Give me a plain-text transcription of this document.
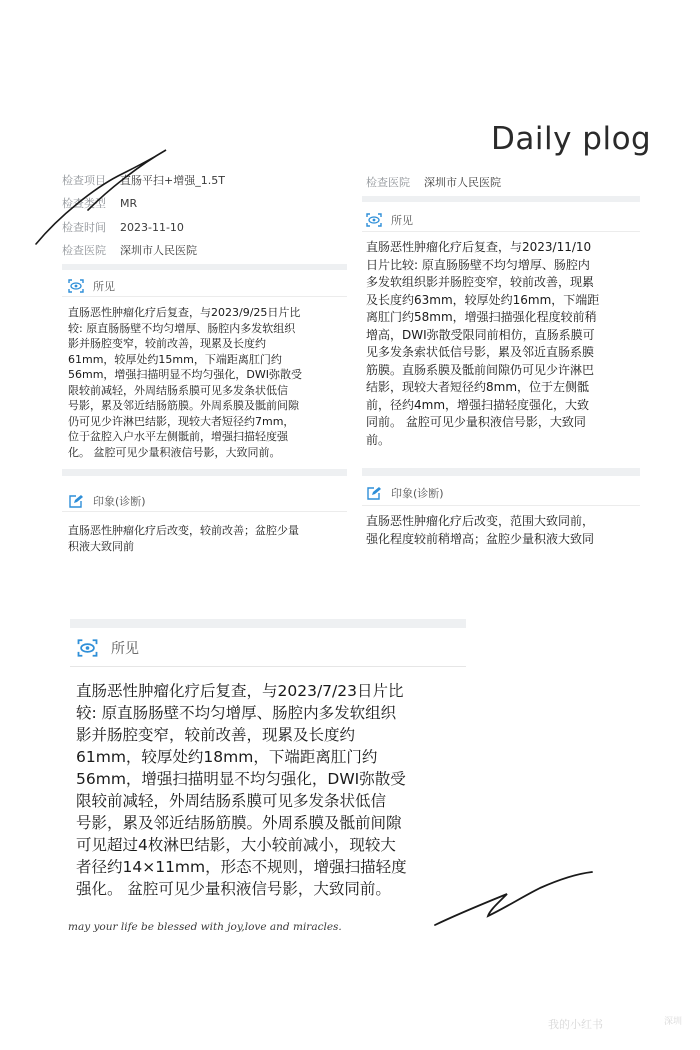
Daily plog
检查项目 直肠平扫+增强_1.5T
检查类型 MR
检查时间 2023-11-10
检查医院 深圳市人民医院
所见
直肠恶性肿瘤化疗后复查，与2023/9/25日片比
较: 原直肠肠壁不均匀增厚、肠腔内多发软组织
影并肠腔变窄，较前改善，现累及长度约
61mm，较厚处约15mm，下端距离肛门约
56mm，增强扫描明显不均匀强化，DWI弥散受
限较前减轻，外周结肠系膜可见多发条状低信
号影，累及邻近结肠筋膜。外周系膜及骶前间隙
仍可见少许淋巴结影，现较大者短径约7mm，
位于盆腔入户水平左侧骶前，增强扫描轻度强
化。 盆腔可见少量积液信号影，大致同前。
印象(诊断)
直肠恶性肿瘤化疗后改变，较前改善；盆腔少量
积液大致同前
检查医院 深圳市人民医院
所见
直肠恶性肿瘤化疗后复查，与2023/11/10
日片比较: 原直肠肠壁不均匀增厚、肠腔内
多发软组织影并肠腔变窄，较前改善，现累
及长度约63mm，较厚处约16mm，下端距
离肛门约58mm，增强扫描强化程度较前稍
增高，DWI弥散受限同前相仿，直肠系膜可
见多发条索状低信号影，累及邻近直肠系膜
筋膜。直肠系膜及骶前间隙仍可见少许淋巴
结影，现较大者短径约8mm，位于左侧骶
前，径约4mm，增强扫描轻度强化，大致
同前。 盆腔可见少量积液信号影，大致同
前。
印象(诊断)
直肠恶性肿瘤化疗后改变，范围大致同前，
强化程度较前稍增高；盆腔少量积液大致同
所见
直肠恶性肿瘤化疗后复查，与2023/7/23日片比
较: 原直肠肠壁不均匀增厚、肠腔内多发软组织
影并肠腔变窄，较前改善，现累及长度约
61mm，较厚处约18mm，下端距离肛门约
56mm，增强扫描明显不均匀强化，DWI弥散受
限较前减轻，外周结肠系膜可见多发条状低信
号影，累及邻近结肠筋膜。外周系膜及骶前间隙
可见超过4枚淋巴结影，大小较前减小，现较大
者径约14×11mm，形态不规则，增强扫描轻度
强化。 盆腔可见少量积液信号影，大致同前。
may your life be blessed with joy,love and miracles.
我的小红书	深圳
